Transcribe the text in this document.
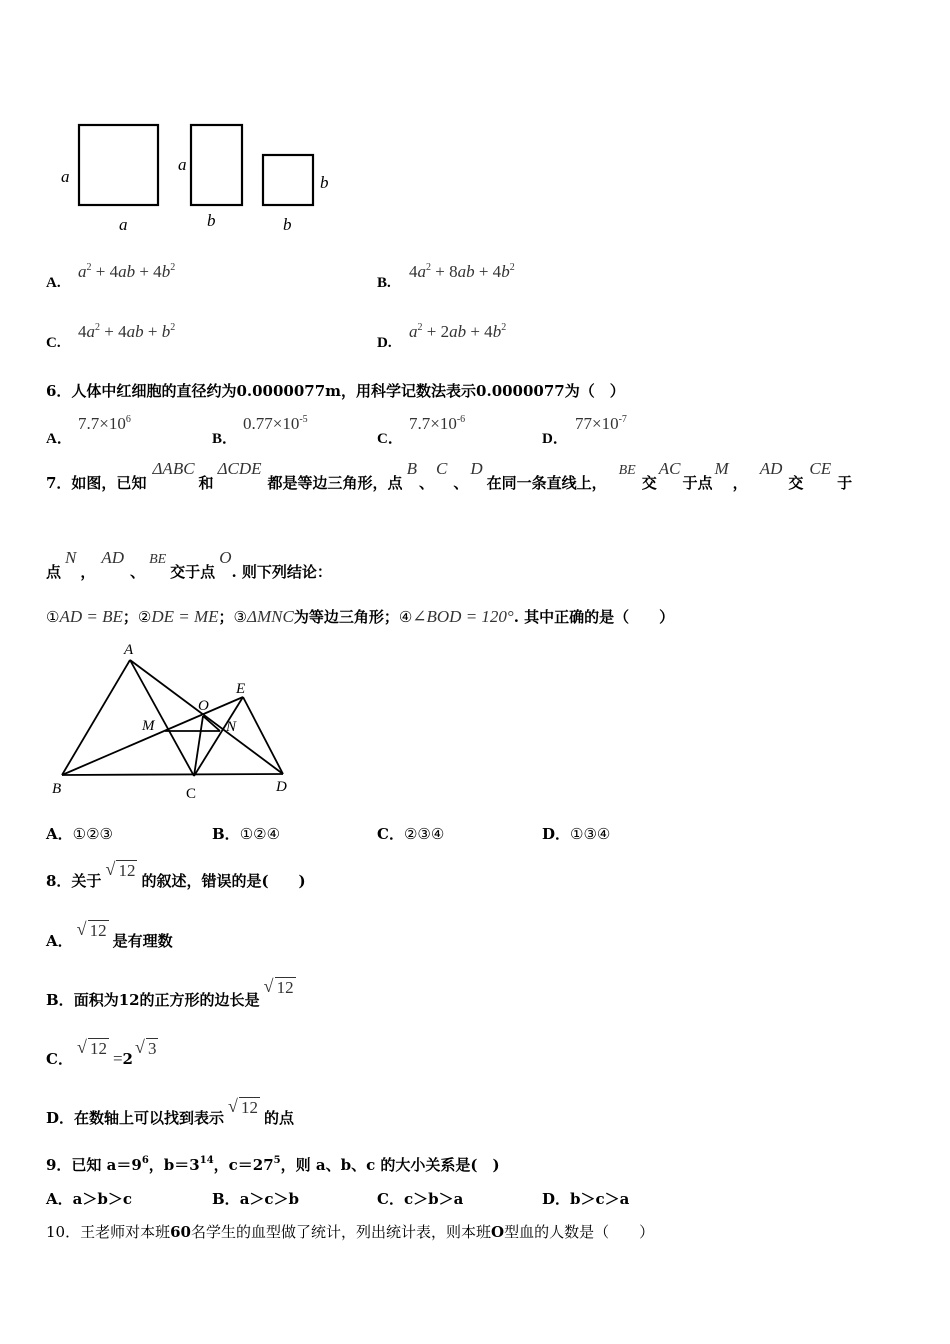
a
a
a
b
b
b
A.
$a^2 + 4ab + 4b^2$
B.
$4a^2 + 8ab + 4b^2$
C.
$4a^2 + 4ab + b^2$
D.
$a^2 + 2ab + 4b^2$
6．人体中红细胞的直径约为0.0000077m，用科学记数法表示0.0000077为（　）
A．
$7.7\times 10^6$
B．
$0.77\times 10^{-5}$
C．
$7.7\times 10^{-6}$
D．
$77\times 10^{-7}$
7．如图，已知ΔABC和ΔCDE都是等边三角形，点B、C、D在同一条直线上，BE交AC于点M，AD交CE于
点N，AD、BE交于点O. 则下列结论：
①AD = BE；②DE = ME；③ΔMNC为等边三角形；④∠BOD = 120°. 其中正确的是（　　）
A
E
O
M	N
B	C	D
A．①②③	B．①②④	C．②③④	D．①③④
8．关于
√ 12的叙述，错误的是(　　)
A．
√ 12是有理数
B．面积为12的正方形的边长是
√ 12
C．
√ 12=2
√ 3
D．在数轴上可以找到表示
√ 12的点
9．已知 $a=9^6$，$b=3^{14}$，$c=27^5$，则 a、b、c 的大小关系是(　)
A．a＞b＞c	B．a＞c＞b	C．c＞b＞a	D．b＞c＞a
10．王老师对本班60名学生的血型做了统计，列出统计表，则本班O型血的人数是（　　）
